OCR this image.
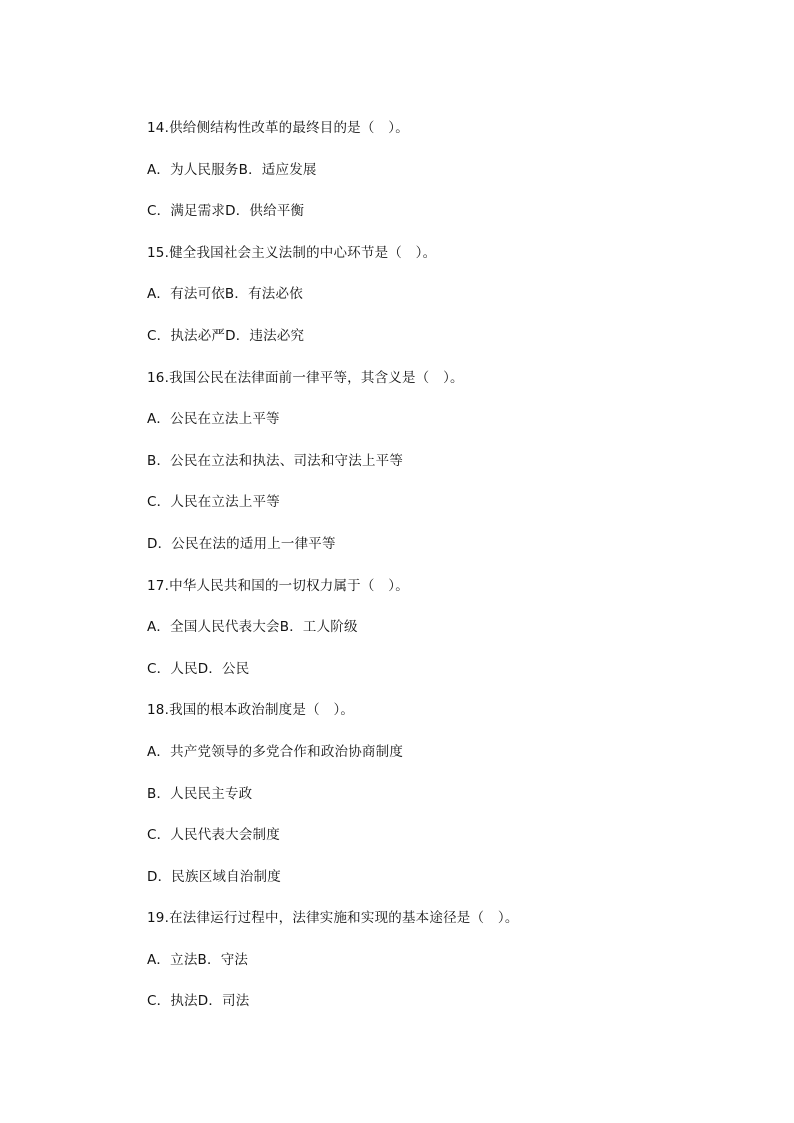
14.供给侧结构性改革的最终目的是（　）。
A．为人民服务B．适应发展
C．满足需求D．供给平衡
15.健全我国社会主义法制的中心环节是（　）。
A．有法可依B．有法必依
C．执法必严D．违法必究
16.我国公民在法律面前一律平等，其含义是（　）。
A．公民在立法上平等
B．公民在立法和执法、司法和守法上平等
C．人民在立法上平等
D．公民在法的适用上一律平等
17.中华人民共和国的一切权力属于（　）。
A．全国人民代表大会B．工人阶级
C．人民D．公民
18.我国的根本政治制度是（　）。
A．共产党领导的多党合作和政治协商制度
B．人民民主专政
C．人民代表大会制度
D．民族区域自治制度
19.在法律运行过程中，法律实施和实现的基本途径是（　）。
A．立法B．守法
C．执法D．司法
